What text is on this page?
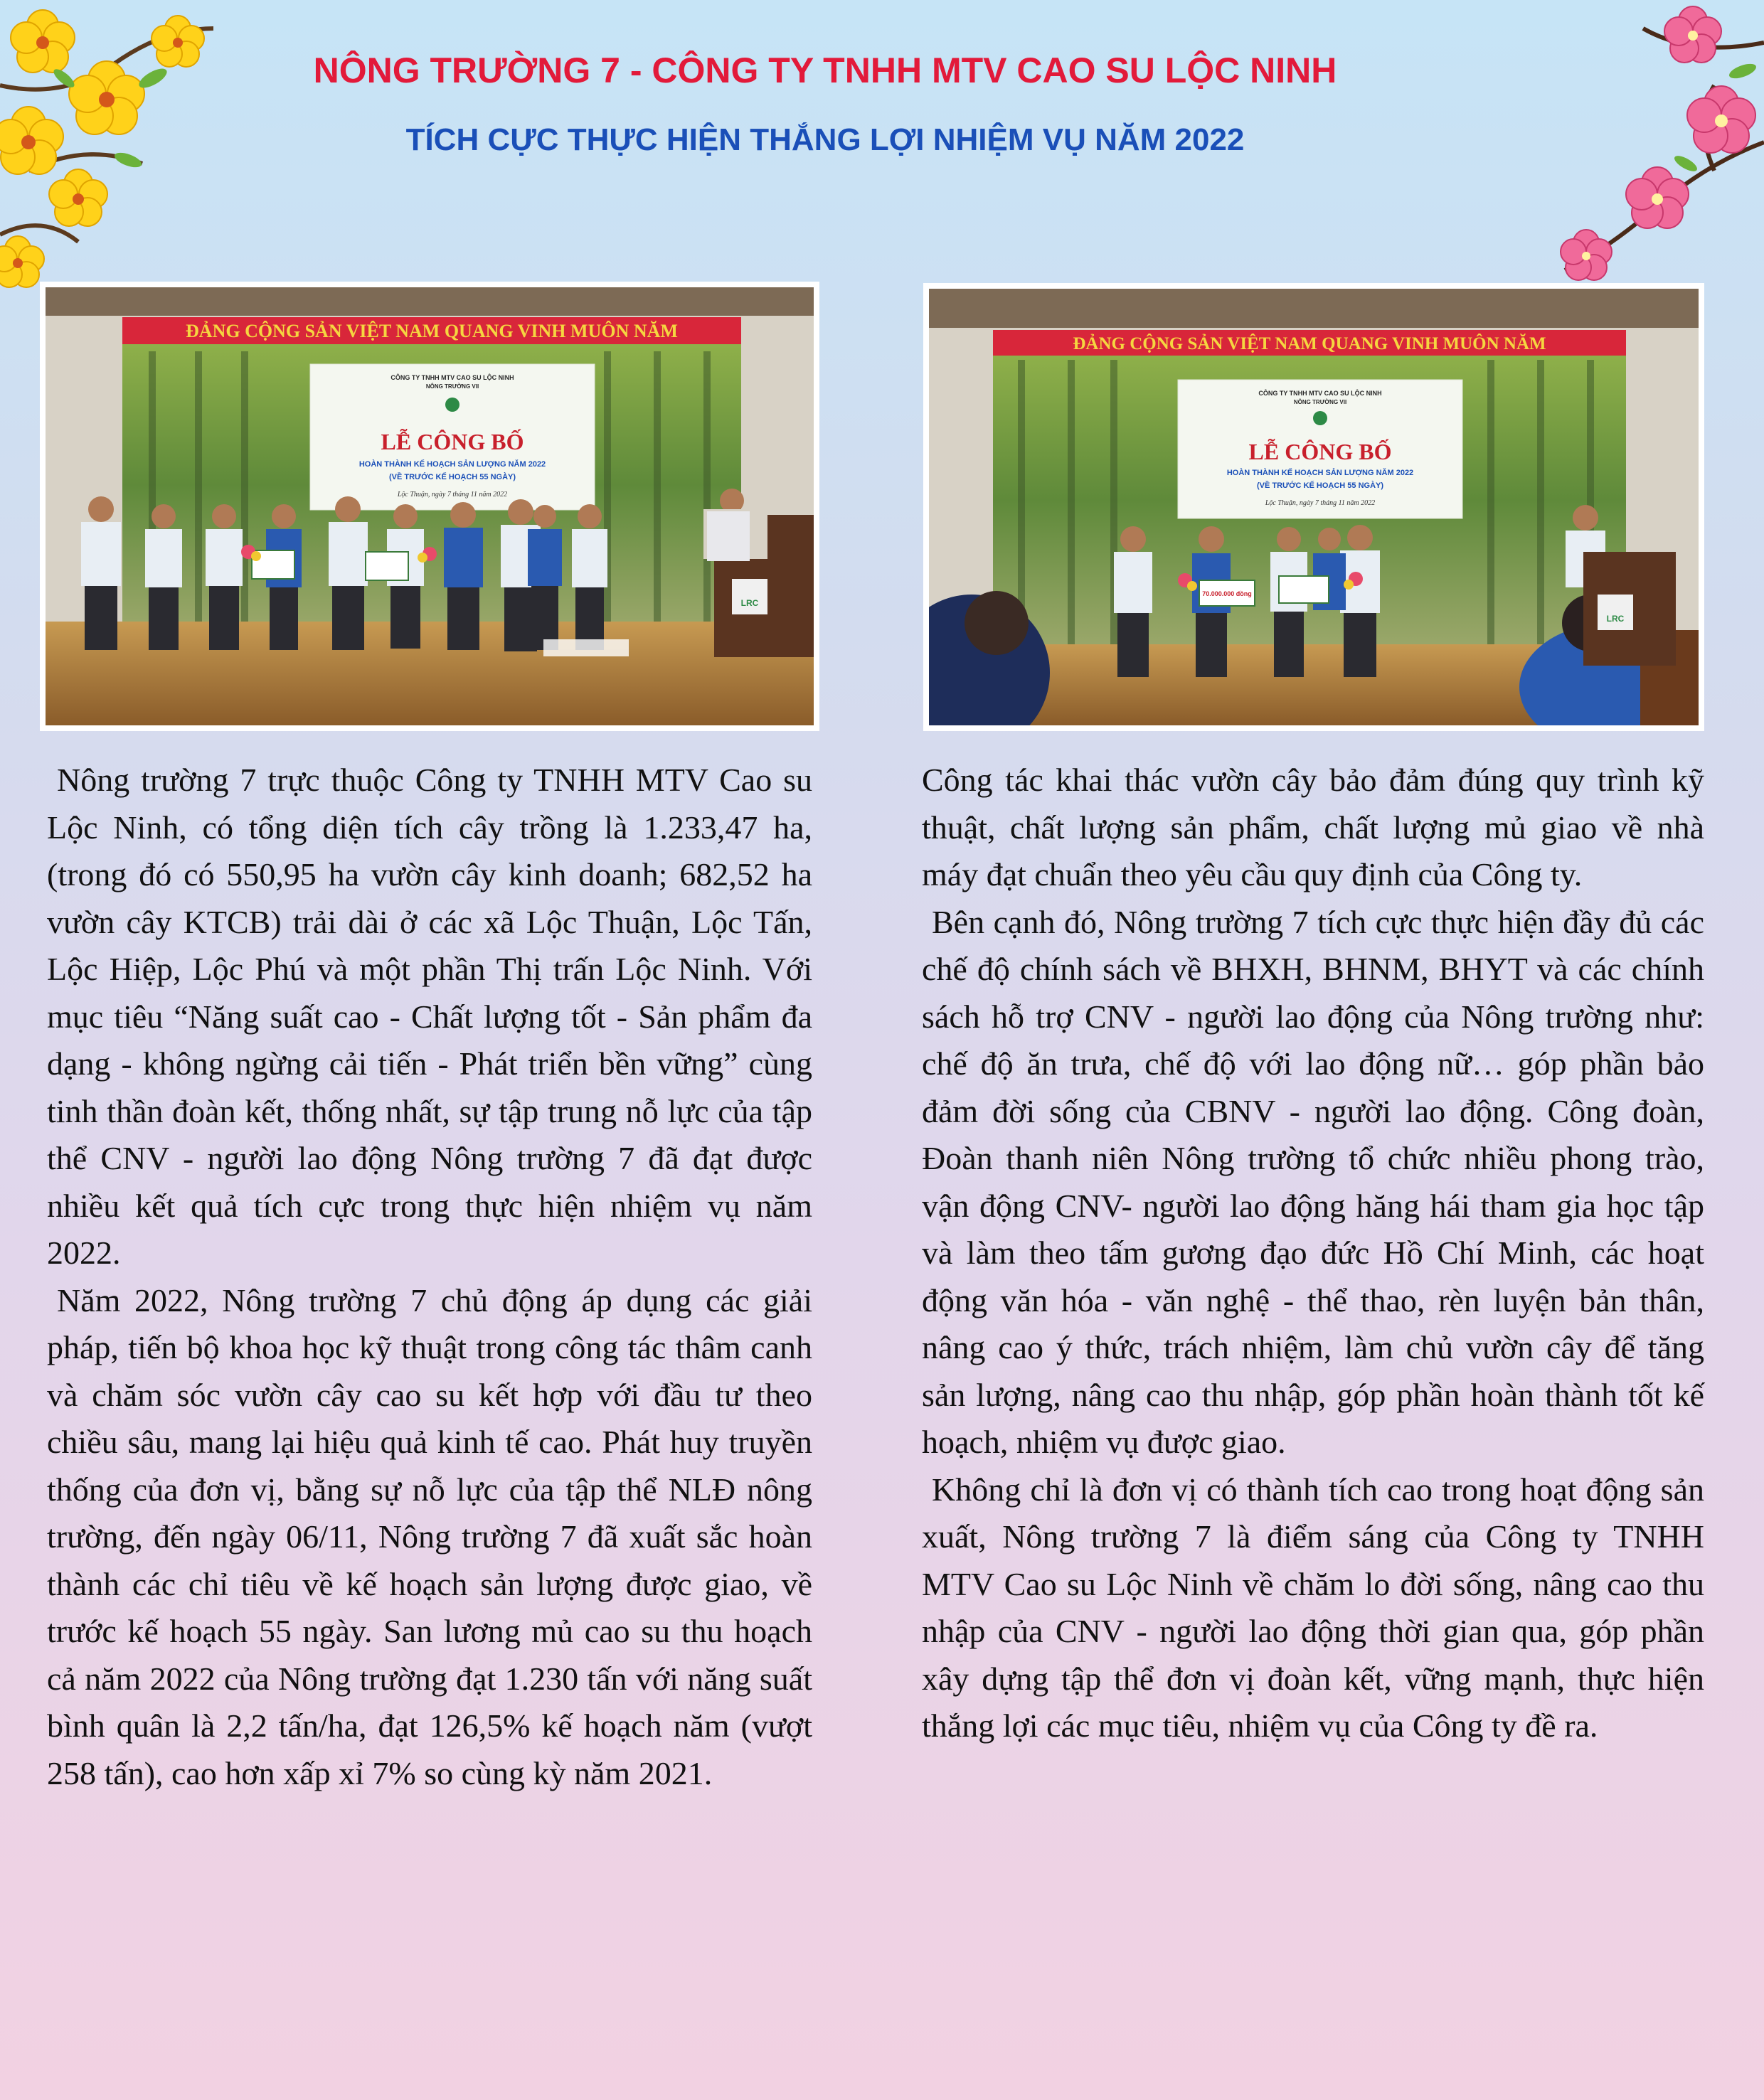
NÔNG TRƯỜNG 7 - CÔNG TY TNHH MTV CAO SU LỘC NINH
TÍCH CỰC THỰC HIỆN THẮNG LỢI NHIỆM VỤ NĂM 2022
ĐẢNG CỘNG SẢN VIỆT NAM QUANG VINH MUÔN NĂM
CÔNG TY TNHH MTV CAO SU LỘC NINH
NÔNG TRƯỜNG VII
LỄ CÔNG BỐ
HOÀN THÀNH KẾ HOẠCH SẢN LƯỢNG NĂM 2022
(VỀ TRƯỚC KẾ HOẠCH 55 NGÀY)
Lộc Thuận, ngày 7 tháng 11 năm 2022
LRC
ĐẢNG CỘNG SẢN VIỆT NAM QUANG VINH MUÔN NĂM
CÔNG TY TNHH MTV CAO SU LỘC NINH
NÔNG TRƯỜNG VII
LỄ CÔNG BỐ
HOÀN THÀNH KẾ HOẠCH SẢN LƯỢNG NĂM 2022
(VỀ TRƯỚC KẾ HOẠCH 55 NGÀY)
Lộc Thuận, ngày 7 tháng 11 năm 2022
70.000.000 đồng
LRC

Nông trường 7 trực thuộc Công ty TNHH MTV Cao su Lộc Ninh, có tổng diện tích cây trồng là 1.233,47 ha, (trong đó có 550,95 ha vườn cây kinh doanh; 682,52 ha vườn cây KTCB) trải dài ở các xã Lộc Thuận, Lộc Tấn, Lộc Hiệp, Lộc Phú và một phần Thị trấn Lộc Ninh. Với mục tiêu “Năng suất cao - Chất lượng tốt - Sản phẩm đa dạng - không ngừng cải tiến - Phát triển bền vững” cùng tinh thần đoàn kết, thống nhất, sự tập trung nỗ lực của tập thể CNV - người lao động Nông trường 7 đã đạt được nhiều kết quả tích cực trong thực hiện nhiệm vụ năm 2022.

Năm 2022, Nông trường 7 chủ động áp dụng các giải pháp, tiến bộ khoa học kỹ thuật trong công tác thâm canh và chăm sóc vườn cây cao su kết hợp với đầu tư theo chiều sâu, mang lại hiệu quả kinh tế cao. Phát huy truyền thống của đơn vị, bằng sự nỗ lực của tập thể NLĐ nông trường, đến ngày 06/11, Nông trường 7 đã xuất sắc hoàn thành các chỉ tiêu về kế hoạch sản lượng được giao, về trước kế hoạch 55 ngày. San lương mủ cao su thu hoạch cả năm 2022 của Nông trường đạt 1.230 tấn với năng suất bình quân là 2,2 tấn/ha, đạt 126,5% kế hoạch năm (vượt 258 tấn), cao hơn xấp xỉ 7% so cùng kỳ năm 2021.

Công tác khai thác vườn cây bảo đảm đúng quy trình kỹ thuật, chất lượng sản phẩm, chất lượng mủ giao về nhà máy đạt chuẩn theo yêu cầu quy định của Công ty.

Bên cạnh đó, Nông trường 7 tích cực thực hiện đầy đủ các chế độ chính sách về BHXH, BHNM, BHYT và các chính sách hỗ trợ CNV - người lao động của Nông trường như: chế độ ăn trưa, chế độ với lao động nữ… góp phần bảo đảm đời sống của CBNV - người lao động. Công đoàn, Đoàn thanh niên Nông trường tổ chức nhiều phong trào, vận động CNV- người lao động hăng hái tham gia học tập và làm theo tấm gương đạo đức Hồ Chí Minh, các hoạt động văn hóa - văn nghệ - thể thao, rèn luyện bản thân, nâng cao ý thức, trách nhiệm, làm chủ vườn cây để tăng sản lượng, nâng cao thu nhập, góp phần hoàn thành tốt kế hoạch, nhiệm vụ được giao.

Không chỉ là đơn vị có thành tích cao trong hoạt động sản xuất, Nông trường 7 là điểm sáng của Công ty TNHH MTV Cao su Lộc Ninh về chăm lo đời sống, nâng cao thu nhập của CNV - người lao động thời gian qua, góp phần xây dựng tập thể đơn vị đoàn kết, vững mạnh, thực hiện thắng lợi các mục tiêu, nhiệm vụ của Công ty đề ra.
